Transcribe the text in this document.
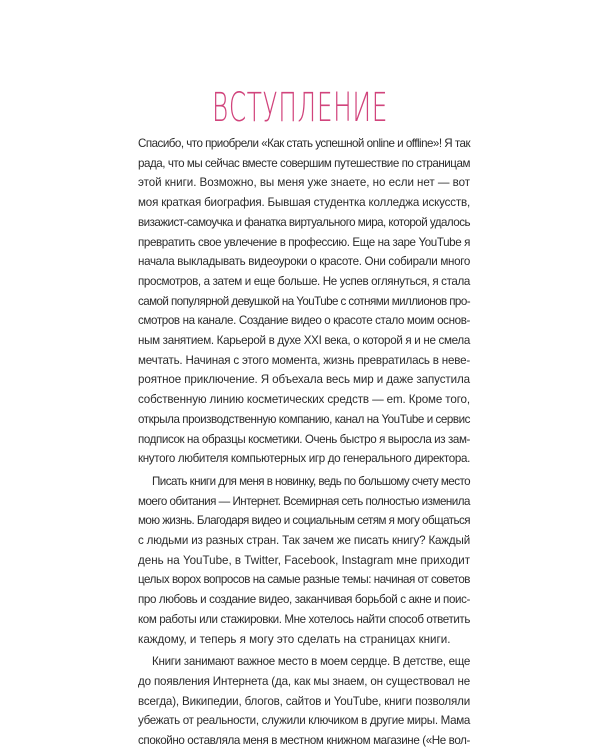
ВСТУПЛЕНИЕ
Спасибо, что приобрели «Как стать успешной online и offline»! Я так
рада, что мы сейчас вместе совершим путешествие по страницам
этой книги. Возможно, вы меня уже знаете, но если нет — вот
моя краткая биография. Бывшая студентка колледжа искусств,
визажист-самоучка и фанатка виртуального мира, которой удалось
превратить свое увлечение в профессию. Еще на заре YouTube я
начала выкладывать видеоуроки о красоте. Они собирали много
просмотров, а затем и еще больше. Не успев оглянуться, я стала
самой популярной девушкой на YouTube с сотнями миллионов про-
смотров на канале. Создание видео о красоте стало моим основ-
ным занятием. Карьерой в духе XXI века, о которой я и не смела
мечтать. Начиная с этого момента, жизнь превратилась в неве-
роятное приключение. Я объехала весь мир и даже запустила
собственную линию косметических средств — em. Кроме того,
открыла производственную компанию, канал на YouTube и сервис
подписок на образцы косметики. Очень быстро я выросла из зам-
кнутого любителя компьютерных игр до генерального директора.
Писать книги для меня в новинку, ведь по большому счету место
моего обитания — Интернет. Всемирная сеть полностью изменила
мою жизнь. Благодаря видео и социальным сетям я могу общаться
с людьми из разных стран. Так зачем же писать книгу? Каждый
день на YouTube, в Twitter, Facebook, Instagram мне приходит
целых ворох вопросов на самые разные темы: начиная от советов
про любовь и создание видео, заканчивая борьбой с акне и поис-
ком работы или стажировки. Мне хотелось найти способ ответить
каждому, и теперь я могу это сделать на страницах книги.
Книги занимают важное место в моем сердце. В детстве, еще
до появления Интернета (да, как мы знаем, он существовал не
всегда), Википедии, блогов, сайтов и YouTube, книги позволяли
убежать от реальности, служили ключиком в другие миры. Мама
спокойно оставляла меня в местном книжном магазине («Не вол-
